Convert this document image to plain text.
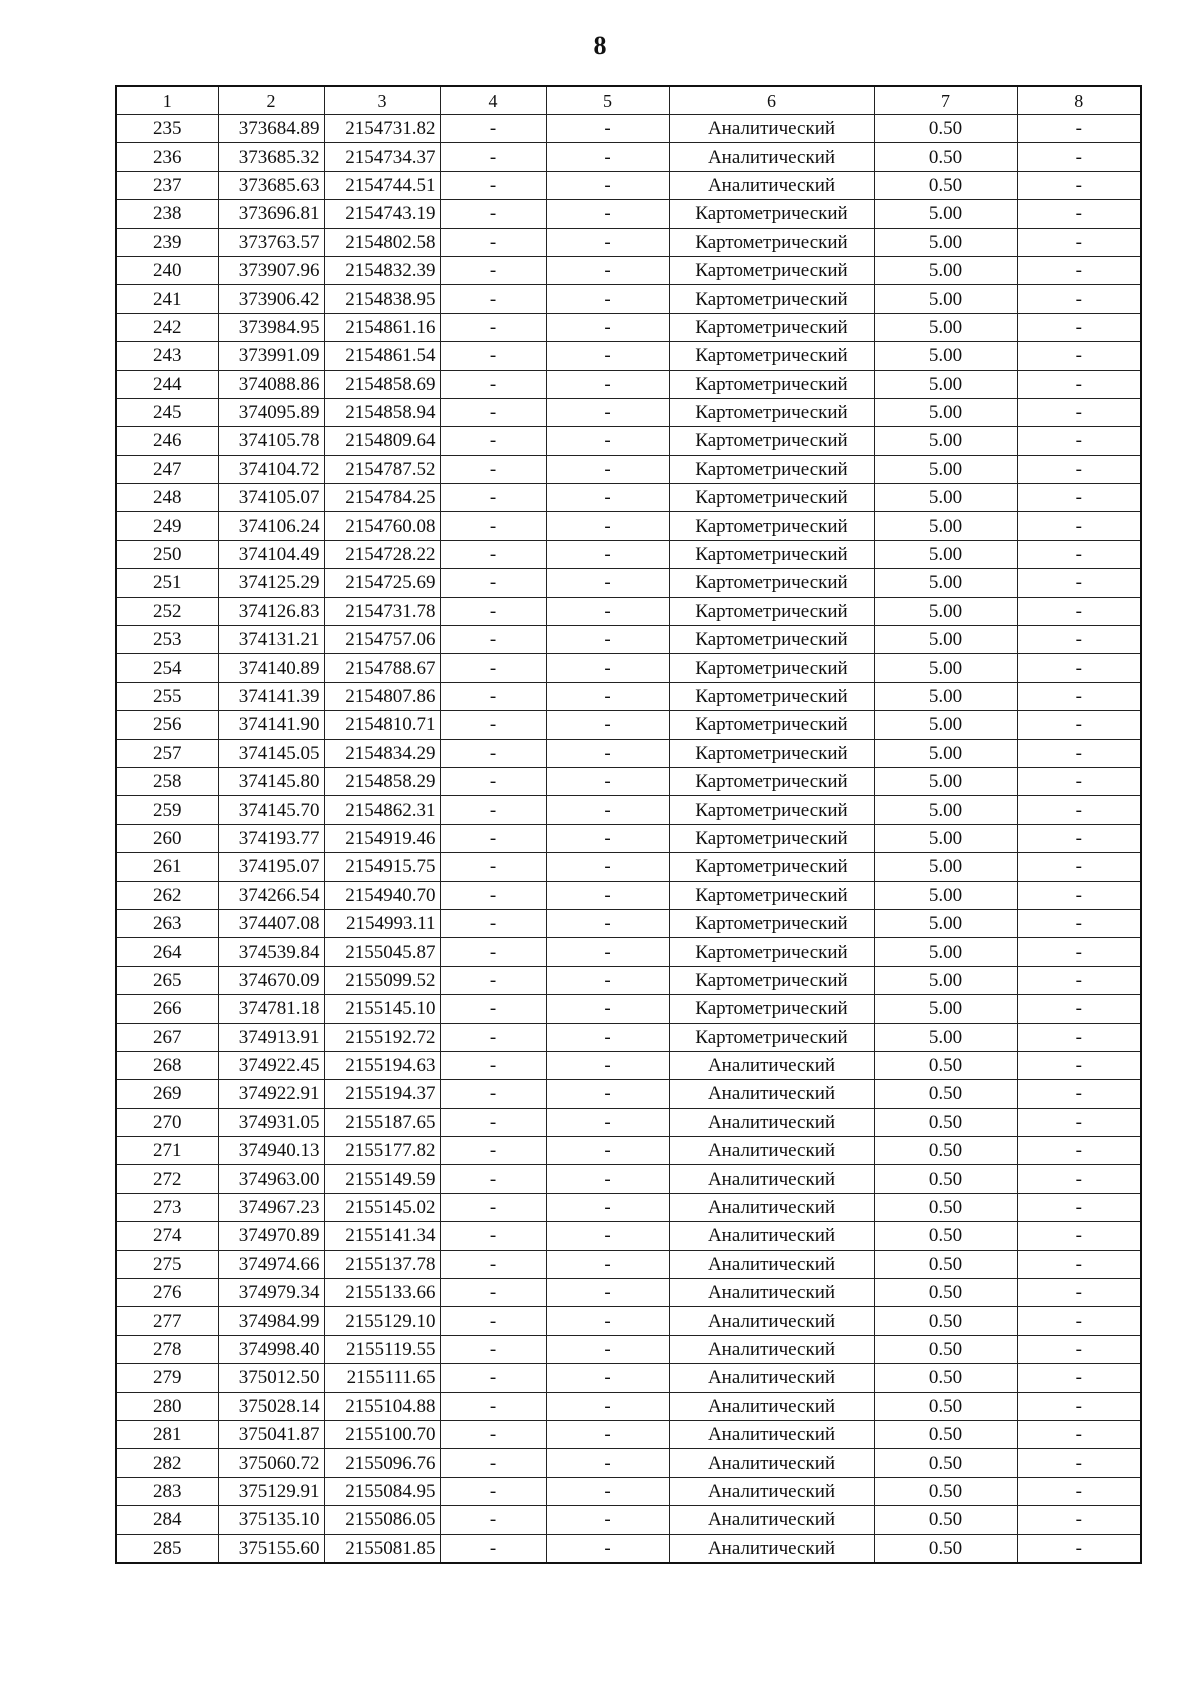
8
1	2	3	4	5	6	7	8
235	373684.89	2154731.82	-	-	Аналитический	0.50	-
236	373685.32	2154734.37	-	-	Аналитический	0.50	-
237	373685.63	2154744.51	-	-	Аналитический	0.50	-
238	373696.81	2154743.19	-	-	Картометрический	5.00	-
239	373763.57	2154802.58	-	-	Картометрический	5.00	-
240	373907.96	2154832.39	-	-	Картометрический	5.00	-
241	373906.42	2154838.95	-	-	Картометрический	5.00	-
242	373984.95	2154861.16	-	-	Картометрический	5.00	-
243	373991.09	2154861.54	-	-	Картометрический	5.00	-
244	374088.86	2154858.69	-	-	Картометрический	5.00	-
245	374095.89	2154858.94	-	-	Картометрический	5.00	-
246	374105.78	2154809.64	-	-	Картометрический	5.00	-
247	374104.72	2154787.52	-	-	Картометрический	5.00	-
248	374105.07	2154784.25	-	-	Картометрический	5.00	-
249	374106.24	2154760.08	-	-	Картометрический	5.00	-
250	374104.49	2154728.22	-	-	Картометрический	5.00	-
251	374125.29	2154725.69	-	-	Картометрический	5.00	-
252	374126.83	2154731.78	-	-	Картометрический	5.00	-
253	374131.21	2154757.06	-	-	Картометрический	5.00	-
254	374140.89	2154788.67	-	-	Картометрический	5.00	-
255	374141.39	2154807.86	-	-	Картометрический	5.00	-
256	374141.90	2154810.71	-	-	Картометрический	5.00	-
257	374145.05	2154834.29	-	-	Картометрический	5.00	-
258	374145.80	2154858.29	-	-	Картометрический	5.00	-
259	374145.70	2154862.31	-	-	Картометрический	5.00	-
260	374193.77	2154919.46	-	-	Картометрический	5.00	-
261	374195.07	2154915.75	-	-	Картометрический	5.00	-
262	374266.54	2154940.70	-	-	Картометрический	5.00	-
263	374407.08	2154993.11	-	-	Картометрический	5.00	-
264	374539.84	2155045.87	-	-	Картометрический	5.00	-
265	374670.09	2155099.52	-	-	Картометрический	5.00	-
266	374781.18	2155145.10	-	-	Картометрический	5.00	-
267	374913.91	2155192.72	-	-	Картометрический	5.00	-
268	374922.45	2155194.63	-	-	Аналитический	0.50	-
269	374922.91	2155194.37	-	-	Аналитический	0.50	-
270	374931.05	2155187.65	-	-	Аналитический	0.50	-
271	374940.13	2155177.82	-	-	Аналитический	0.50	-
272	374963.00	2155149.59	-	-	Аналитический	0.50	-
273	374967.23	2155145.02	-	-	Аналитический	0.50	-
274	374970.89	2155141.34	-	-	Аналитический	0.50	-
275	374974.66	2155137.78	-	-	Аналитический	0.50	-
276	374979.34	2155133.66	-	-	Аналитический	0.50	-
277	374984.99	2155129.10	-	-	Аналитический	0.50	-
278	374998.40	2155119.55	-	-	Аналитический	0.50	-
279	375012.50	2155111.65	-	-	Аналитический	0.50	-
280	375028.14	2155104.88	-	-	Аналитический	0.50	-
281	375041.87	2155100.70	-	-	Аналитический	0.50	-
282	375060.72	2155096.76	-	-	Аналитический	0.50	-
283	375129.91	2155084.95	-	-	Аналитический	0.50	-
284	375135.10	2155086.05	-	-	Аналитический	0.50	-
285	375155.60	2155081.85	-	-	Аналитический	0.50	-
